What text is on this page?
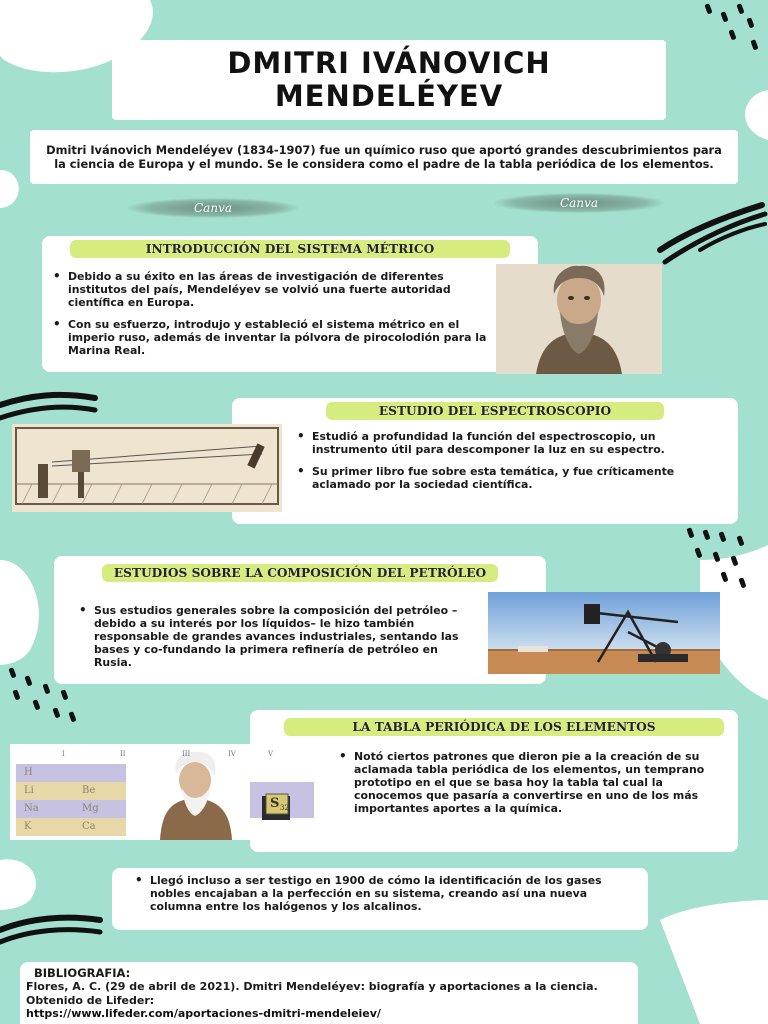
DMITRI IVÁNOVICH
MENDELÉYEV

Dmitri Ivánovich Mendeléyev (1834-1907) fue un químico ruso que aportó grandes descubrimientos para la ciencia de Europa y el mundo. Se le considera como el padre de la tabla periódica de los elementos.

Canva	Canva
INTRODUCCIÓN DEL SISTEMA MÉTRICO
• Debido a su éxito en las áreas de investigación de diferentes institutos del país, Mendeléyev se volvió una fuerte autoridad científica en Europa.
• Con su esfuerzo, introdujo y estableció el sistema métrico en el imperio ruso, además de inventar la pólvora de pirocolodión para la Marina Real.
ESTUDIO DEL ESPECTROSCOPIO
• Estudió a profundidad la función del espectroscopio, un instrumento útil para descomponer la luz en su espectro.
• Su primer libro fue sobre esta temática, y fue críticamente aclamado por la sociedad científica.
ESTUDIOS SOBRE LA COMPOSICIÓN DEL PETRÓLEO
• Sus estudios generales sobre la composición del petróleo –debido a su interés por los líquidos– le hizo también responsable de grandes avances industriales, sentando las bases y co-fundando la primera refinería de petróleo en Rusia.
LA TABLA PERIÓDICA DE LOS ELEMENTOS
• Notó ciertos patrones que dieron pie a la creación de su aclamada tabla periódica de los elementos, un temprano prototipo en el que se basa hoy la tabla tal cual la conocemos que pasaría a convertirse en uno de los más importantes aportes a la química.
I	II	III	IV	V
H
Li	Be
Na	Mg
K	Ca
S 32
• Llegó incluso a ser testigo en 1900 de cómo la identificación de los gases nobles encajaban a la perfección en su sistema, creando así una nueva columna entre los halógenos y los alcalinos.
BIBLIOGRAFIA:
Flores, A. C. (29 de abril de 2021). Dmitri Mendeléyev: biografía y aportaciones a la ciencia. Obtenido de Lifeder:
https://www.lifeder.com/aportaciones-dmitri-mendeleiev/
